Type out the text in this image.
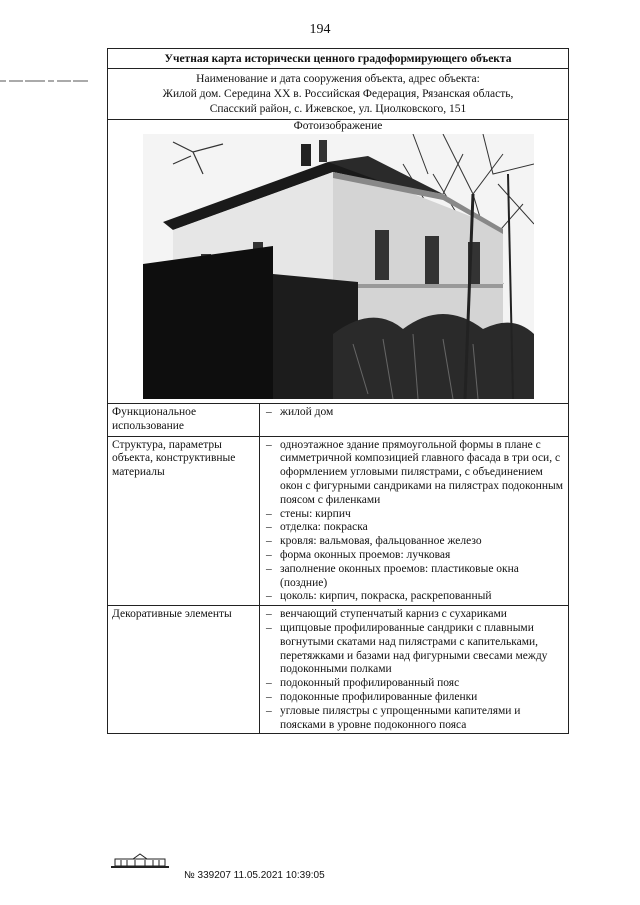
194
Учетная карта исторически ценного градоформирующего объекта
Наименование и дата сооружения объекта, адрес объекта:
Жилой дом. Середина XX в. Российская Федерация, Рязанская область,
Спасский район, с. Ижевское, ул. Циолковского, 151
Фотоизображение
Функциональное использование
– жилой дом
Структура, параметры объекта, конструктивные материалы
– одноэтажное здание прямоугольной формы в плане с симметричной композицией главного фасада в три оси, с оформлением угловыми пилястрами, с объединением окон с фигурными сандриками на пилястрах подоконным поясом с филенками
– стены: кирпич
– отделка: покраска
– кровля: вальмовая, фальцованное железо
– форма оконных проемов: лучковая
– заполнение оконных проемов: пластиковые окна (поздние)
– цоколь: кирпич, покраска, раскрепованный
Декоративные элементы	– венчающий ступенчатый карниз с сухариками
– щипцовые профилированные сандрики с плавными вогнутыми скатами над пилястрами с капительками, перетяжками и базами над фигурными свесами между подоконными полками
– подоконный профилированный пояс
– подоконные профилированные филенки
– угловые пилястры с упрощенными капителями и поясками в уровне подоконного пояса
№ 339207 11.05.2021 10:39:05
